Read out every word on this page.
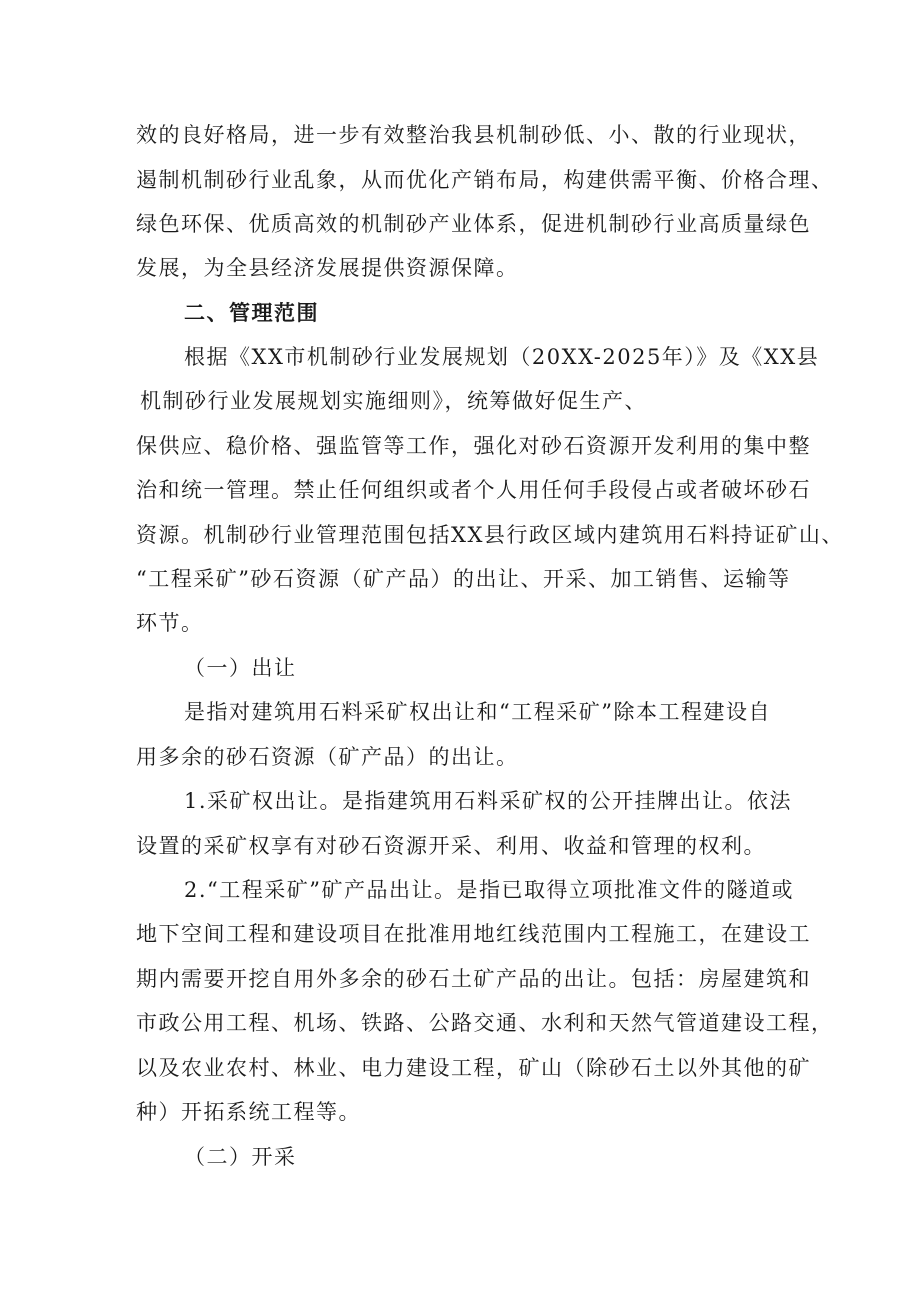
效的良好格局，进一步有效整治我县机制砂低、小、散的行业现状，
遏制机制砂行业乱象，从而优化产销布局，构建供需平衡、价格合理、
绿色环保、优质高效的机制砂产业体系，促进机制砂行业高质量绿色
发展，为全县经济发展提供资源保障。
二、管理范围
根据《XX市机制砂行业发展规划（20XX-2025年）》及《XX县
机制砂行业发展规划实施细则》，统筹做好促生产、
保供应、稳价格、强监管等工作，强化对砂石资源开发利用的集中整
治和统一管理。禁止任何组织或者个人用任何手段侵占或者破坏砂石
资源。机制砂行业管理范围包括XX县行政区域内建筑用石料持证矿山、
“工程采矿”砂石资源（矿产品）的出让、开采、加工销售、运输等
环节。
（一）出让
是指对建筑用石料采矿权出让和“工程采矿”除本工程建设自
用多余的砂石资源（矿产品）的出让。
1.采矿权出让。是指建筑用石料采矿权的公开挂牌出让。依法
设置的采矿权享有对砂石资源开采、利用、收益和管理的权利。
2.“工程采矿”矿产品出让。是指已取得立项批准文件的隧道或
地下空间工程和建设项目在批准用地红线范围内工程施工，在建设工
期内需要开挖自用外多余的砂石土矿产品的出让。包括：房屋建筑和
市政公用工程、机场、铁路、公路交通、水利和天然气管道建设工程，
以及农业农村、林业、电力建设工程，矿山（除砂石土以外其他的矿
种）开拓系统工程等。
（二）开采
